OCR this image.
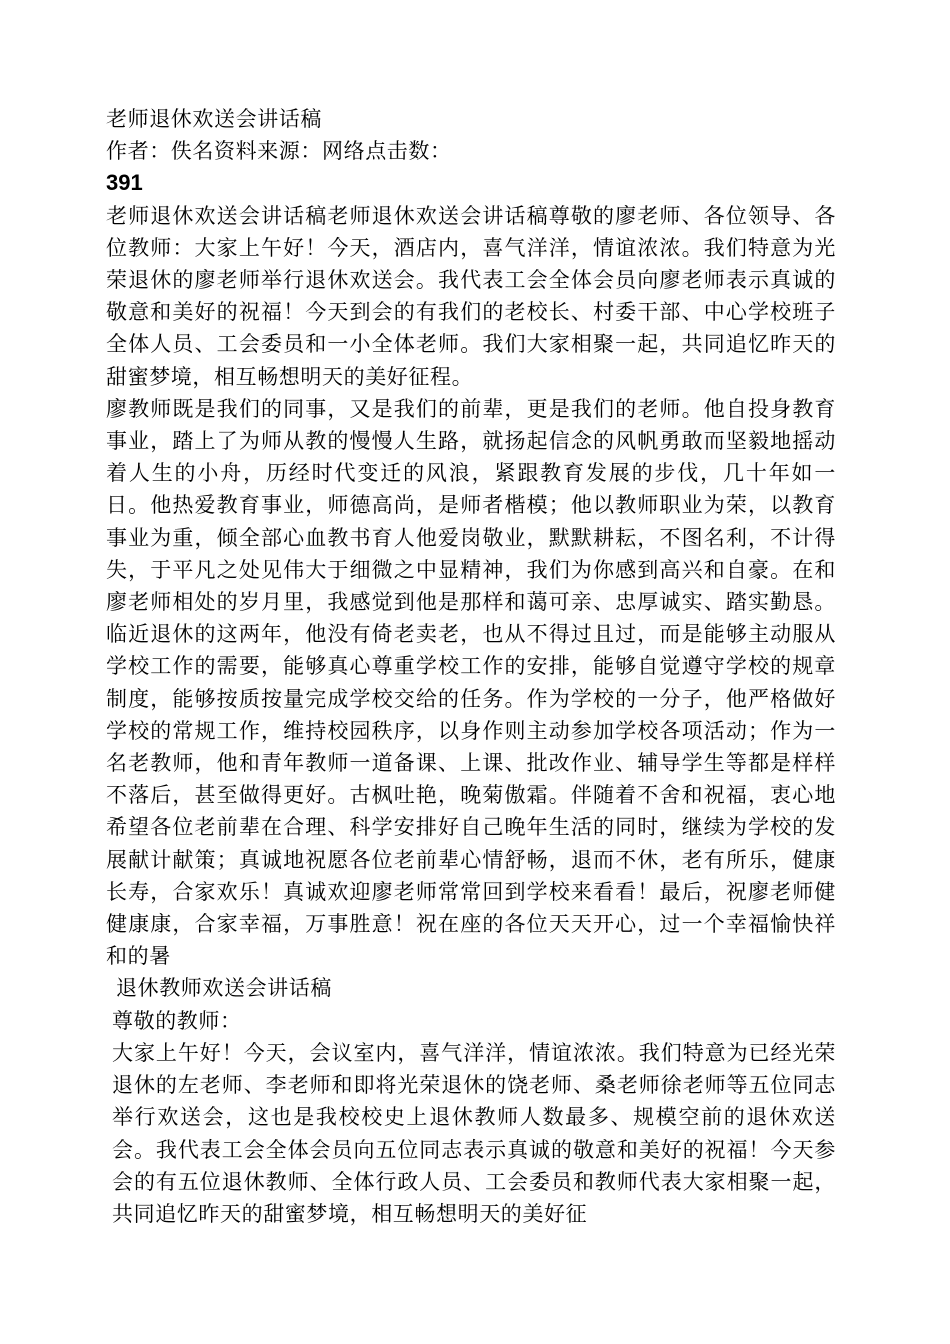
老师退休欢送会讲话稿

作者：佚名资料来源：网络点击数：

391

老师退休欢送会讲话稿老师退休欢送会讲话稿尊敬的廖老师、各位领导、各位教师：大家上午好！今天，酒店内，喜气洋洋，情谊浓浓。我们特意为光荣退休的廖老师举行退休欢送会。我代表工会全体会员向廖老师表示真诚的敬意和美好的祝福！今天到会的有我们的老校长、村委干部、中心学校班子全体人员、工会委员和一小全体老师。我们大家相聚一起，共同追忆昨天的甜蜜梦境，相互畅想明天的美好征程。

廖教师既是我们的同事，又是我们的前辈，更是我们的老师。他自投身教育事业，踏上了为师从教的慢慢人生路，就扬起信念的风帆勇敢而坚毅地摇动着人生的小舟，历经时代变迁的风浪，紧跟教育发展的步伐，几十年如一日。他热爱教育事业，师德高尚，是师者楷模；他以教师职业为荣，以教育事业为重，倾全部心血教书育人他爱岗敬业，默默耕耘，不图名利，不计得失，于平凡之处见伟大于细微之中显精神，我们为你感到高兴和自豪。在和廖老师相处的岁月里，我感觉到他是那样和蔼可亲、忠厚诚实、踏实勤恳。临近退休的这两年，他没有倚老卖老，也从不得过且过，而是能够主动服从学校工作的需要，能够真心尊重学校工作的安排，能够自觉遵守学校的规章制度，能够按质按量完成学校交给的任务。作为学校的一分子，他严格做好学校的常规工作，维持校园秩序，以身作则主动参加学校各项活动；作为一名老教师，他和青年教师一道备课、上课、批改作业、辅导学生等都是样样不落后，甚至做得更好。古枫吐艳，晚菊傲霜。伴随着不舍和祝福，衷心地希望各位老前辈在合理、科学安排好自己晚年生活的同时，继续为学校的发展献计献策；真诚地祝愿各位老前辈心情舒畅，退而不休，老有所乐，健康长寿，合家欢乐！真诚欢迎廖老师常常回到学校来看看！最后，祝廖老师健健康康，合家幸福，万事胜意！祝在座的各位天天开心，过一个幸福愉快祥和的暑

退休教师欢送会讲话稿

尊敬的教师：

大家上午好！今天，会议室内，喜气洋洋，情谊浓浓。我们特意为已经光荣退休的左老师、李老师和即将光荣退休的饶老师、桑老师徐老师等五位同志举行欢送会，这也是我校校史上退休教师人数最多、规模空前的退休欢送会。我代表工会全体会员向五位同志表示真诚的敬意和美好的祝福！今天参会的有五位退休教师、全体行政人员、工会委员和教师代表大家相聚一起，共同追忆昨天的甜蜜梦境，相互畅想明天的美好征
